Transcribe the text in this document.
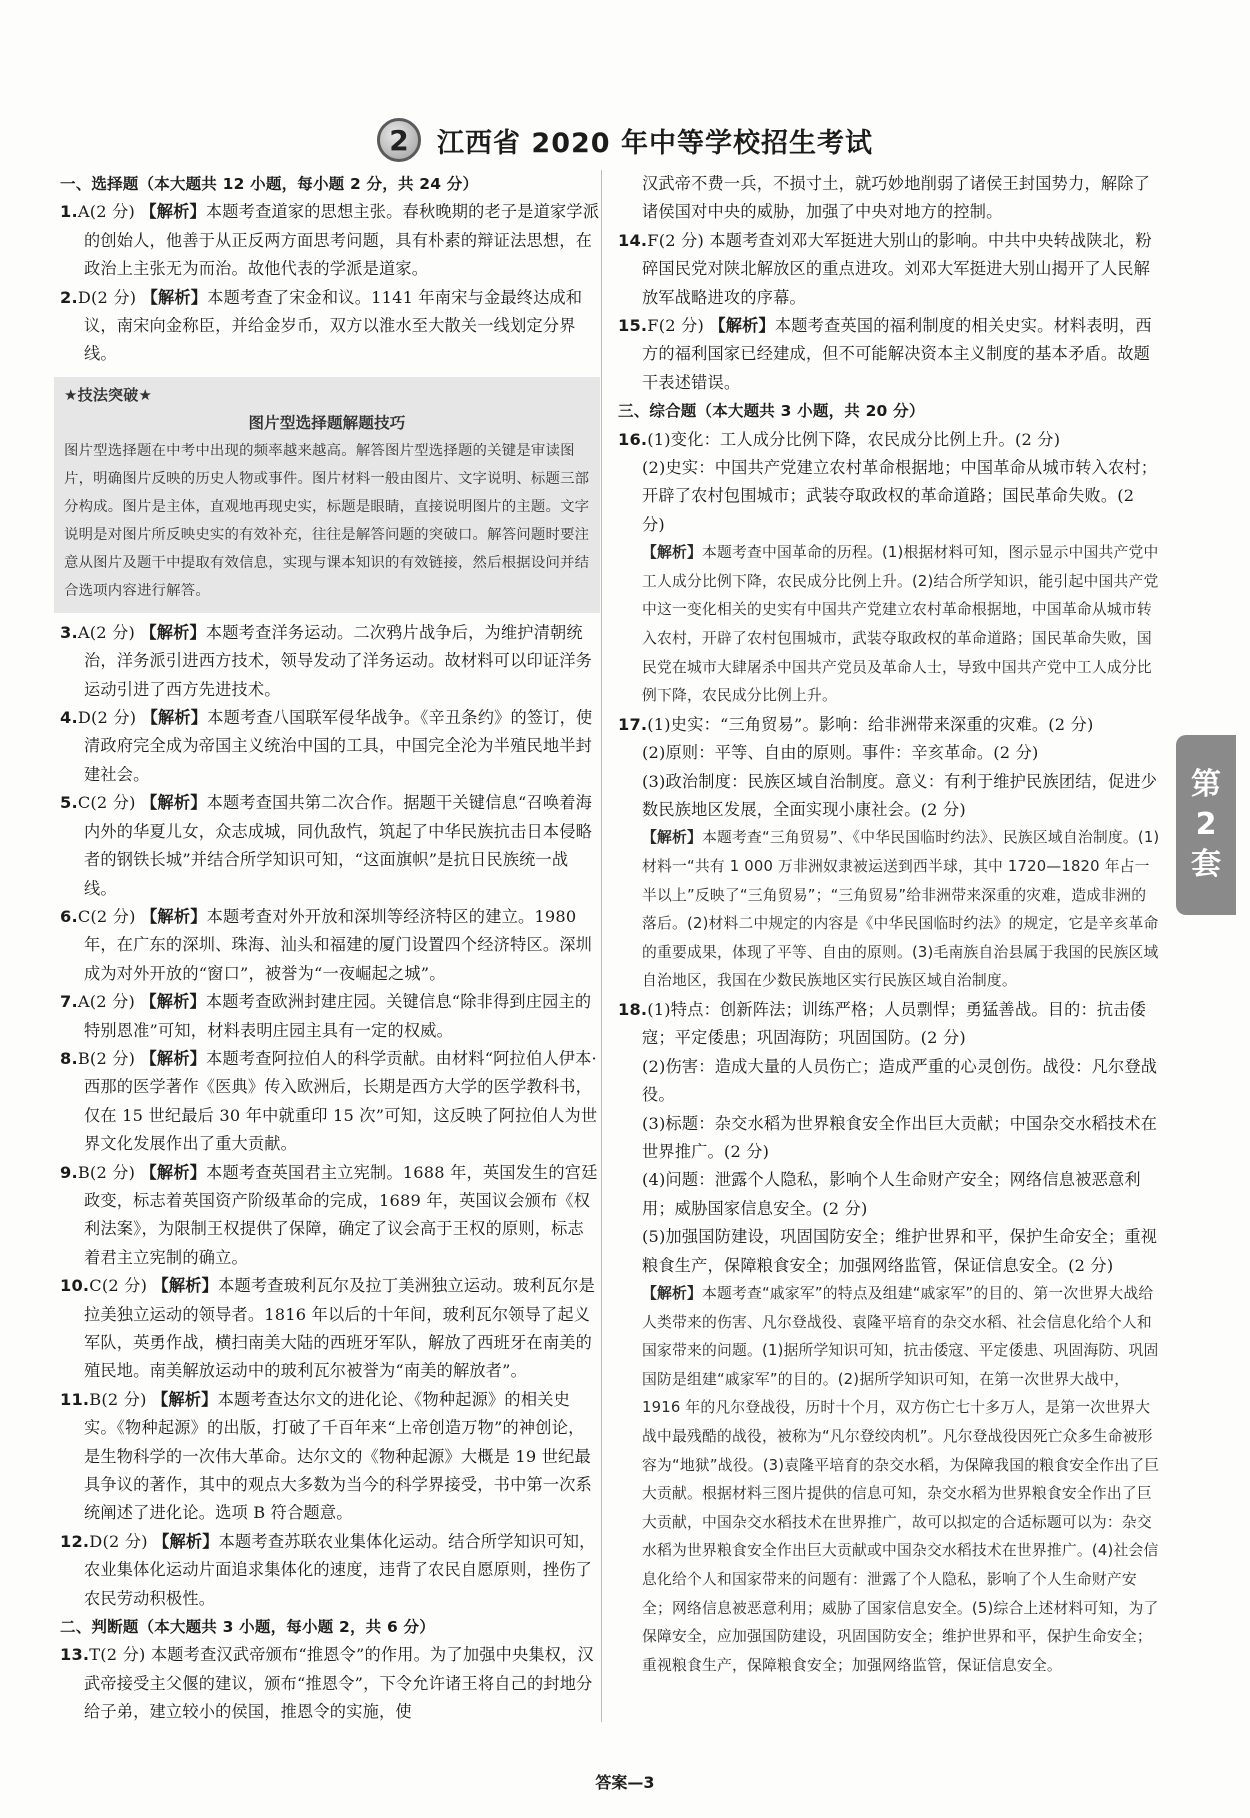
2	江西省 2020 年中等学校招生考试
一、选择题（本大题共 12 小题，每小题 2 分，共 24 分）

1.A(2 分) 【解析】本题考查道家的思想主张。春秋晚期的老子是道家学派的创始人，他善于从正反两方面思考问题，具有朴素的辩证法思想，在政治上主张无为而治。故他代表的学派是道家。

2.D(2 分) 【解析】本题考查了宋金和议。1141 年南宋与金最终达成和议，南宋向金称臣，并给金岁币，双方以淮水至大散关一线划定分界线。

★技法突破★
图片型选择题解题技巧
图片型选择题在中考中出现的频率越来越高。解答图片型选择题的关键是审读图片，明确图片反映的历史人物或事件。图片材料一般由图片、文字说明、标题三部分构成。图片是主体，直观地再现史实，标题是眼睛，直接说明图片的主题。文字说明是对图片所反映史实的有效补充，往往是解答问题的突破口。解答问题时要注意从图片及题干中提取有效信息，实现与课本知识的有效链接，然后根据设问并结合选项内容进行解答。

3.A(2 分) 【解析】本题考查洋务运动。二次鸦片战争后，为维护清朝统治，洋务派引进西方技术，领导发动了洋务运动。故材料可以印证洋务运动引进了西方先进技术。

4.D(2 分) 【解析】本题考查八国联军侵华战争。《辛丑条约》的签订，使清政府完全成为帝国主义统治中国的工具，中国完全沦为半殖民地半封建社会。

5.C(2 分) 【解析】本题考查国共第二次合作。据题干关键信息“召唤着海内外的华夏儿女，众志成城，同仇敌忾，筑起了中华民族抗击日本侵略者的钢铁长城”并结合所学知识可知，“这面旗帜”是抗日民族统一战线。

6.C(2 分) 【解析】本题考查对外开放和深圳等经济特区的建立。1980 年，在广东的深圳、珠海、汕头和福建的厦门设置四个经济特区。深圳成为对外开放的“窗口”，被誉为“一夜崛起之城”。

7.A(2 分) 【解析】本题考查欧洲封建庄园。关键信息“除非得到庄园主的特别恩准”可知，材料表明庄园主具有一定的权威。

8.B(2 分) 【解析】本题考查阿拉伯人的科学贡献。由材料“阿拉伯人伊本·西那的医学著作《医典》传入欧洲后，长期是西方大学的医学教科书，仅在 15 世纪最后 30 年中就重印 15 次”可知，这反映了阿拉伯人为世界文化发展作出了重大贡献。

9.B(2 分) 【解析】本题考查英国君主立宪制。1688 年，英国发生的宫廷政变，标志着英国资产阶级革命的完成，1689 年，英国议会颁布《权利法案》，为限制王权提供了保障，确定了议会高于王权的原则，标志着君主立宪制的确立。

10.C(2 分) 【解析】本题考查玻利瓦尔及拉丁美洲独立运动。玻利瓦尔是拉美独立运动的领导者。1816 年以后的十年间，玻利瓦尔领导了起义军队，英勇作战，横扫南美大陆的西班牙军队，解放了西班牙在南美的殖民地。南美解放运动中的玻利瓦尔被誉为“南美的解放者”。

11.B(2 分) 【解析】本题考查达尔文的进化论、《物种起源》的相关史实。《物种起源》的出版，打破了千百年来“上帝创造万物”的神创论，是生物科学的一次伟大革命。达尔文的《物种起源》大概是 19 世纪最具争议的著作，其中的观点大多数为当今的科学界接受，书中第一次系统阐述了进化论。选项 B 符合题意。

12.D(2 分) 【解析】本题考查苏联农业集体化运动。结合所学知识可知，农业集体化运动片面追求集体化的速度，违背了农民自愿原则，挫伤了农民劳动积极性。

二、判断题（本大题共 3 小题，每小题 2，共 6 分）

13.T(2 分) 本题考查汉武帝颁布“推恩令”的作用。为了加强中央集权，汉武帝接受主父偃的建议，颁布“推恩令”，下令允许诸王将自己的封地分给子弟，建立较小的侯国，推恩令的实施，使

汉武帝不费一兵，不损寸土，就巧妙地削弱了诸侯王封国势力，解除了诸侯国对中央的威胁，加强了中央对地方的控制。

14.F(2 分) 本题考查刘邓大军挺进大别山的影响。中共中央转战陕北，粉碎国民党对陕北解放区的重点进攻。刘邓大军挺进大别山揭开了人民解放军战略进攻的序幕。

15.F(2 分) 【解析】本题考查英国的福利制度的相关史实。材料表明，西方的福利国家已经建成，但不可能解决资本主义制度的基本矛盾。故题干表述错误。

三、综合题（本大题共 3 小题，共 20 分）

16.(1)变化：工人成分比例下降，农民成分比例上升。(2 分)

(2)史实：中国共产党建立农村革命根据地；中国革命从城市转入农村；开辟了农村包围城市；武装夺取政权的革命道路；国民革命失败。(2 分)

【解析】本题考查中国革命的历程。(1)根据材料可知，图示显示中国共产党中工人成分比例下降，农民成分比例上升。(2)结合所学知识，能引起中国共产党中这一变化相关的史实有中国共产党建立农村革命根据地，中国革命从城市转入农村，开辟了农村包围城市，武装夺取政权的革命道路；国民革命失败，国民党在城市大肆屠杀中国共产党员及革命人士，导致中国共产党中工人成分比例下降，农民成分比例上升。

17.(1)史实：“三角贸易”。影响：给非洲带来深重的灾难。(2 分)

(2)原则：平等、自由的原则。事件：辛亥革命。(2 分)

(3)政治制度：民族区域自治制度。意义：有利于维护民族团结，促进少数民族地区发展，全面实现小康社会。(2 分)

【解析】本题考查“三角贸易”、《中华民国临时约法》、民族区域自治制度。(1)材料一“共有 1 000 万非洲奴隶被运送到西半球，其中 1720—1820 年占一半以上”反映了“三角贸易”；“三角贸易”给非洲带来深重的灾难，造成非洲的落后。(2)材料二中规定的内容是《中华民国临时约法》的规定，它是辛亥革命的重要成果，体现了平等、自由的原则。(3)毛南族自治县属于我国的民族区域自治地区，我国在少数民族地区实行民族区域自治制度。

18.(1)特点：创新阵法；训练严格；人员剽悍；勇猛善战。目的：抗击倭寇；平定倭患；巩固海防；巩固国防。(2 分)

(2)伤害：造成大量的人员伤亡；造成严重的心灵创伤。战役：凡尔登战役。

(3)标题：杂交水稻为世界粮食安全作出巨大贡献；中国杂交水稻技术在世界推广。(2 分)

(4)问题：泄露个人隐私，影响个人生命财产安全；网络信息被恶意利用；威胁国家信息安全。(2 分)

(5)加强国防建设，巩固国防安全；维护世界和平，保护生命安全；重视粮食生产，保障粮食安全；加强网络监管，保证信息安全。(2 分)

【解析】本题考查“戚家军”的特点及组建“戚家军”的目的、第一次世界大战给人类带来的伤害、凡尔登战役、袁隆平培育的杂交水稻、社会信息化给个人和国家带来的问题。(1)据所学知识可知，抗击倭寇、平定倭患、巩固海防、巩固国防是组建“戚家军”的目的。(2)据所学知识可知，在第一次世界大战中，1916 年的凡尔登战役，历时十个月，双方伤亡七十多万人，是第一次世界大战中最残酷的战役，被称为“凡尔登绞肉机”。凡尔登战役因死亡众多生命被形容为“地狱”战役。(3)袁隆平培育的杂交水稻，为保障我国的粮食安全作出了巨大贡献。根据材料三图片提供的信息可知，杂交水稻为世界粮食安全作出了巨大贡献，中国杂交水稻技术在世界推广，故可以拟定的合适标题可以为：杂交水稻为世界粮食安全作出巨大贡献或中国杂交水稻技术在世界推广。(4)社会信息化给个人和国家带来的问题有：泄露了个人隐私，影响了个人生命财产安全；网络信息被恶意利用；威胁了国家信息安全。(5)综合上述材料可知，为了保障安全，应加强国防建设，巩固国防安全；维护世界和平，保护生命安全；重视粮食生产，保障粮食安全；加强网络监管，保证信息安全。

第
2
套
答案—3
